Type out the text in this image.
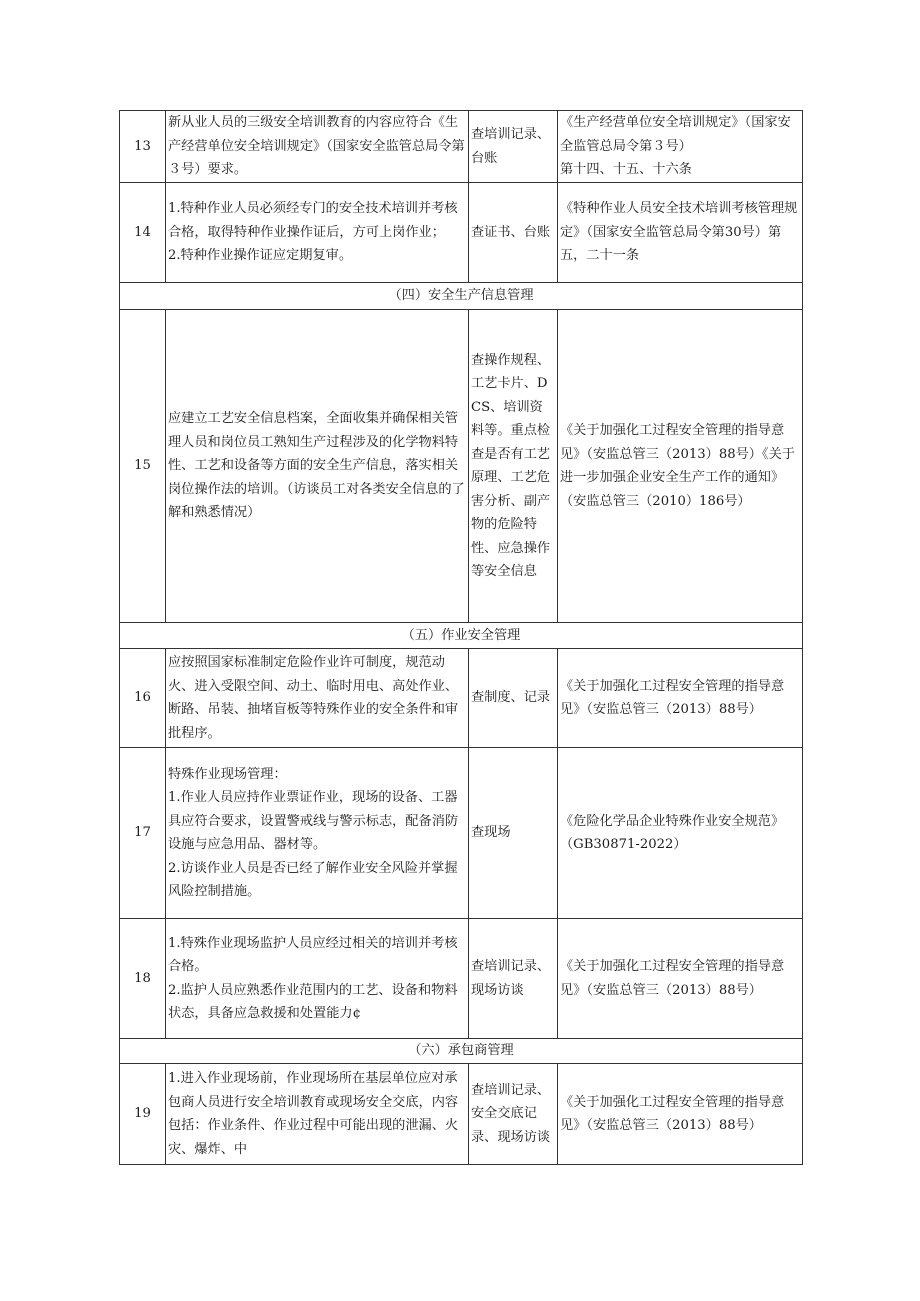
13	新从业人员的三级安全培训教育的内容应符合《生产经营单位安全培训规定》（国家安全监管总局令第３号）要求。	查培训记录、台账	《生产经营单位安全培训规定》（国家安全监管总局令第３号）
第十四、十五、十六条

14	1.特种作业人员必须经专门的安全技术培训并考核合格，取得特种作业操作证后，方可上岗作业；
2.特种作业操作证应定期复审。	查证书、台账	《特种作业人员安全技术培训考核管理规定》（国家安全监管总局令第30号）第五，二十一条

（四）安全生产信息管理			
15	应建立工艺安全信息档案，全面收集并确保相关管理人员和岗位员工熟知生产过程涉及的化学物料特性、工艺和设备等方面的安全生产信息，落实相关岗位操作法的培训。（访谈员工对各类安全信息的了解和熟悉情况）	查操作规程、工艺卡片、DCS、培训资料等。重点检查是否有工艺原理、工艺危害分析、副产物的危险特性、应急操作等安全信息	《关于加强化工过程安全管理的指导意见》（安监总管三（2013）88号）《关于进一步加强企业安全生产工作的通知》（安监总管三（2010）186号）

（五）作业安全管理			
16	应按照国家标准制定危险作业许可制度，规范动火、进入受限空间、动土、临时用电、高处作业、断路、吊装、抽堵盲板等特殊作业的安全条件和审批程序。	查制度、记录	《关于加强化工过程安全管理的指导意见》（安监总管三（2013）88号）

17	特殊作业现场管理：
1.作业人员应持作业票证作业，现场的设备、工器具应符合要求，设置警戒线与警示标志，配备消防设施与应急用品、器材等。
2.访谈作业人员是否已经了解作业安全风险并掌握风险控制措施。	查现场	《危险化学品企业特殊作业安全规范》（GB30871-2022）

18	1.特殊作业现场监护人员应经过相关的培训并考核合格。
2.监护人员应熟悉作业范围内的工艺、设备和物料状态，具备应急救援和处置能力¢	查培训记录、现场访谈	《关于加强化工过程安全管理的指导意见》（安监总管三（2013）88号）

（六）承包商管理			
19	1.进入作业现场前，作业现场所在基层单位应对承包商人员进行安全培训教育或现场安全交底，内容包括：作业条件、作业过程中可能出现的泄漏、火灾、爆炸、中	查培训记录、安全交底记录、现场访谈	《关于加强化工过程安全管理的指导意见》（安监总管三（2013）88号）
